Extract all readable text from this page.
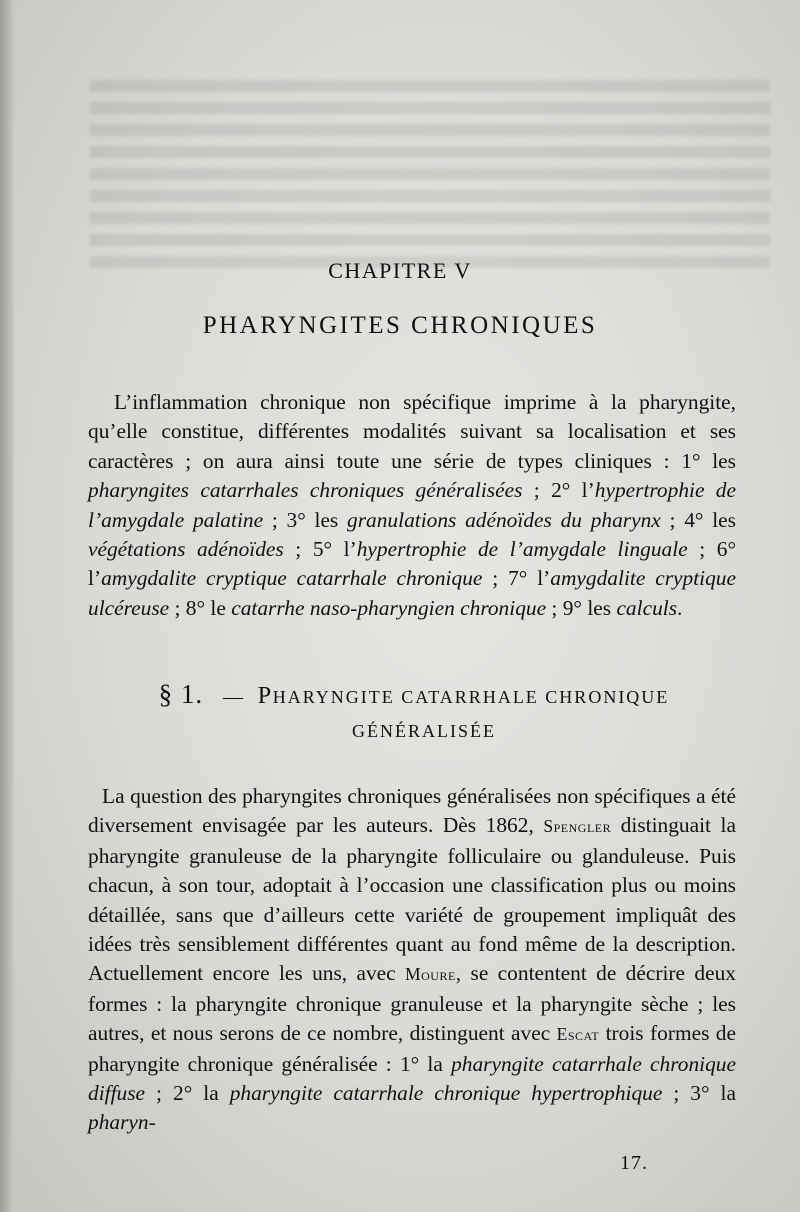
CHAPITRE V
PHARYNGITES CHRONIQUES

L’inflammation chronique non spécifique imprime à la pharyngite, qu’elle constitue, différentes modalités suivant sa localisation et ses caractères ; on aura ainsi toute une série de types cliniques : 1° les pharyngites catarrhales chroniques généralisées ; 2° l’hypertrophie de l’amygdale palatine ; 3° les granulations adénoïdes du pharynx ; 4° les végétations adénoïdes ; 5° l’hypertrophie de l’amygdale linguale ; 6° l’amygdalite cryptique catarrhale chronique ; 7° l’amygdalite cryptique ulcéreuse ; 8° le catarrhe naso-pharyngien chronique ; 9° les calculs.

§ 1. — PHARYNGITE CATARRHALE CHRONIQUE
GÉNÉRALISÉE

La question des pharyngites chroniques généralisées non spécifiques a été diversement envisagée par les auteurs. Dès 1862, Spengler distinguait la pharyngite granuleuse de la pharyngite folliculaire ou glanduleuse. Puis chacun, à son tour, adoptait à l’occasion une classification plus ou moins détaillée, sans que d’ailleurs cette variété de groupement impliquât des idées très sensiblement différentes quant au fond même de la description. Actuellement encore les uns, avec Moure, se contentent de décrire deux formes : la pharyngite chronique granuleuse et la pharyngite sèche ; les autres, et nous serons de ce nombre, distinguent avec Escat trois formes de pharyngite chronique généralisée : 1° la pharyngite catarrhale chronique diffuse ; 2° la pharyngite catarrhale chronique hypertrophique ; 3° la pharyn-

17.
